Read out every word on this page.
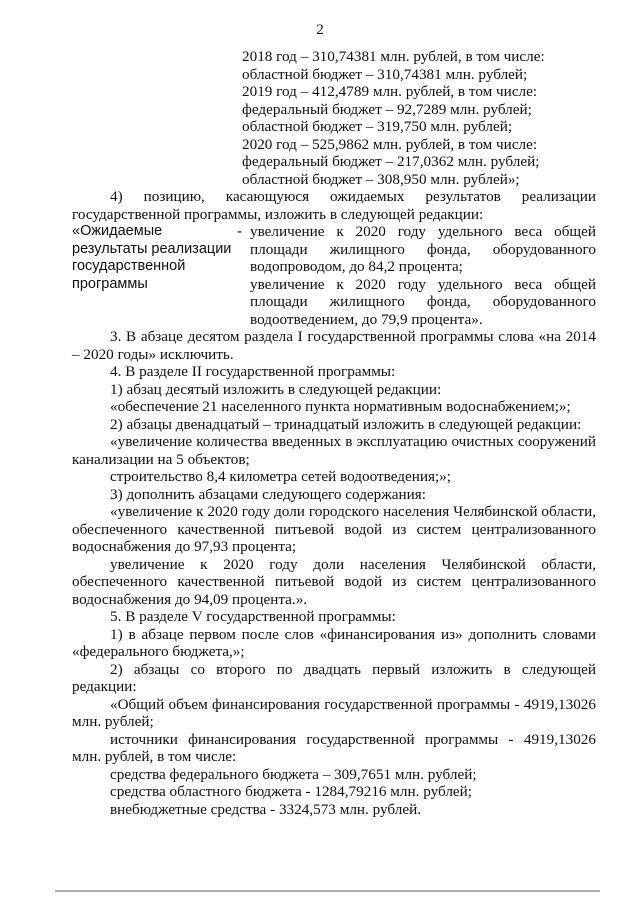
2

2018 год – 310,74381 млн. рублей, в том числе:

областной бюджет – 310,74381 млн. рублей;

2019 год – 412,4789 млн. рублей, в том числе:

федеральный бюджет – 92,7289 млн. рублей;

областной бюджет – 319,750 млн. рублей;

2020 год – 525,9862 млн. рублей, в том числе:

федеральный бюджет – 217,0362 млн. рублей;

областной бюджет – 308,950 млн. рублей»;

4) позицию, касающуюся ожидаемых результатов реализации государственной программы, изложить в следующей редакции:

«Ожидаемые результаты реализации государственной программы
- увеличение к 2020 году удельного веса общей площади жилищного фонда, оборудованного водопроводом, до 84,2 процента;

увеличение к 2020 году удельного веса общей площади жилищного фонда, оборудованного водоотведением, до 79,9 процента».

3. В абзаце десятом раздела I государственной программы слова «на 2014 – 2020 годы» исключить.

4. В разделе II государственной программы:

1) абзац десятый изложить в следующей редакции:

«обеспечение 21 населенного пункта нормативным водоснабжением;»;

2) абзацы двенадцатый – тринадцатый изложить в следующей редакции:

«увеличение количества введенных в эксплуатацию очистных сооружений канализации на 5 объектов;

строительство 8,4 километра сетей водоотведения;»;

3) дополнить абзацами следующего содержания:

«увеличение к 2020 году доли городского населения Челябинской области, обеспеченного качественной питьевой водой из систем централизованного водоснабжения до 97,93 процента;

увеличение к 2020 году доли населения Челябинской области, обеспеченного качественной питьевой водой из систем централизованного водоснабжения до 94,09 процента.».

5. В разделе V государственной программы:

1) в абзаце первом после слов «финансирования из» дополнить словами «федерального бюджета,»;

2) абзацы со второго по двадцать первый изложить в следующей редакции:

«Общий объем финансирования государственной программы - 4919,13026 млн. рублей;

источники финансирования государственной программы - 4919,13026 млн. рублей, в том числе:

средства федерального бюджета – 309,7651 млн. рублей;

средства областного бюджета - 1284,79216 млн. рублей;

внебюджетные средства - 3324,573 млн. рублей.
